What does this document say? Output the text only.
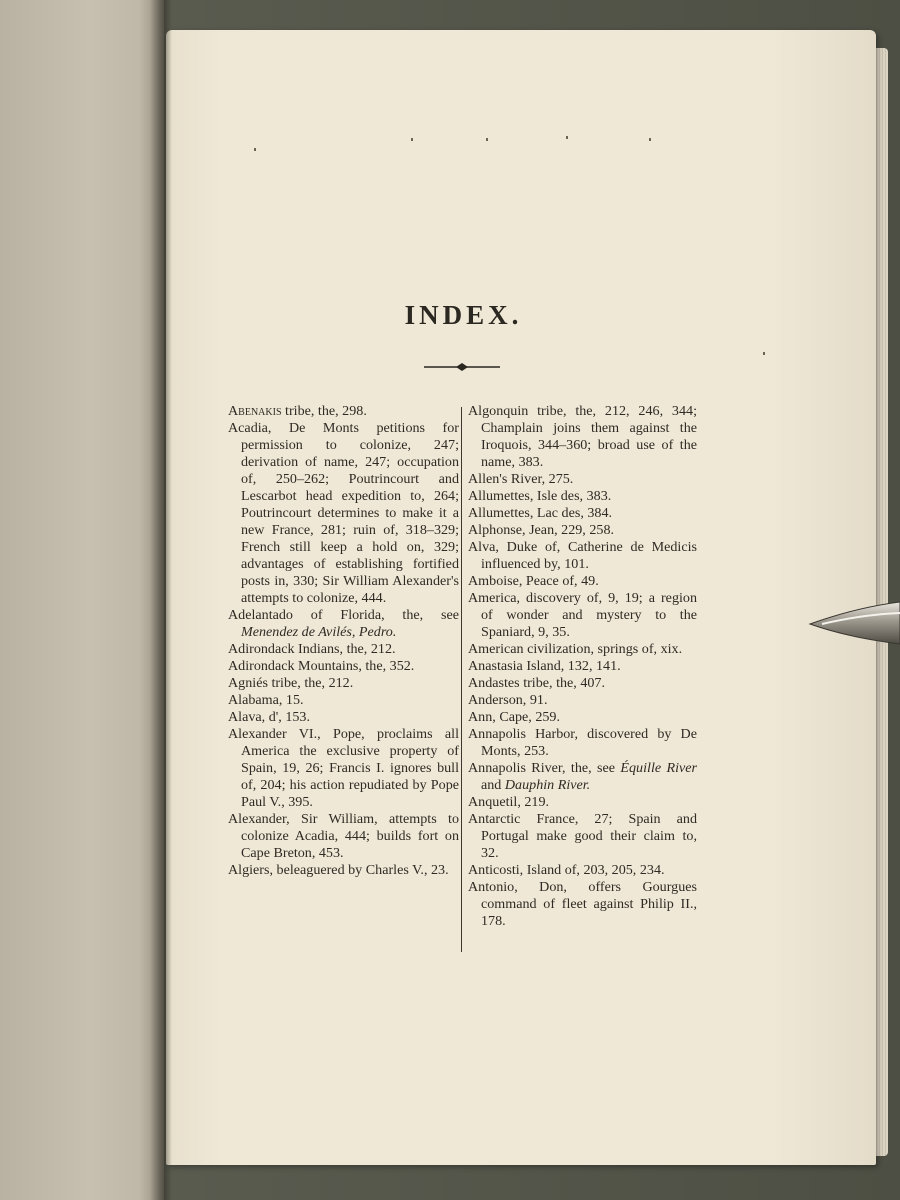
INDEX.

Abenakis tribe, the, 298.

Acadia, De Monts petitions for permission to colonize, 247; derivation of name, 247; occupation of, 250–262; Poutrincourt and Lescarbot head expedition to, 264; Poutrincourt determines to make it a new France, 281; ruin of, 318–329; French still keep a hold on, 329; advantages of establishing fortified posts in, 330; Sir William Alexander's attempts to colonize, 444.

Adelantado of Florida, the, see Menendez de Avilés, Pedro.

Adirondack Indians, the, 212.

Adirondack Mountains, the, 352.

Agniés tribe, the, 212.

Alabama, 15.

Alava, d', 153.

Alexander VI., Pope, proclaims all America the exclusive property of Spain, 19, 26; Francis I. ignores bull of, 204; his action repudiated by Pope Paul V., 395.

Alexander, Sir William, attempts to colonize Acadia, 444; builds fort on Cape Breton, 453.

Algiers, beleaguered by Charles V., 23.

Algonquin tribe, the, 212, 246, 344; Champlain joins them against the Iroquois, 344–360; broad use of the name, 383.

Allen's River, 275.

Allumettes, Isle des, 383.

Allumettes, Lac des, 384.

Alphonse, Jean, 229, 258.

Alva, Duke of, Catherine de Medicis influenced by, 101.

Amboise, Peace of, 49.

America, discovery of, 9, 19; a region of wonder and mystery to the Spaniard, 9, 35.

American civilization, springs of, xix.

Anastasia Island, 132, 141.

Andastes tribe, the, 407.

Anderson, 91.

Ann, Cape, 259.

Annapolis Harbor, discovered by De Monts, 253.

Annapolis River, the, see Équille River and Dauphin River.

Anquetil, 219.

Antarctic France, 27; Spain and Portugal make good their claim to, 32.

Anticosti, Island of, 203, 205, 234.

Antonio, Don, offers Gourgues command of fleet against Philip II., 178.
